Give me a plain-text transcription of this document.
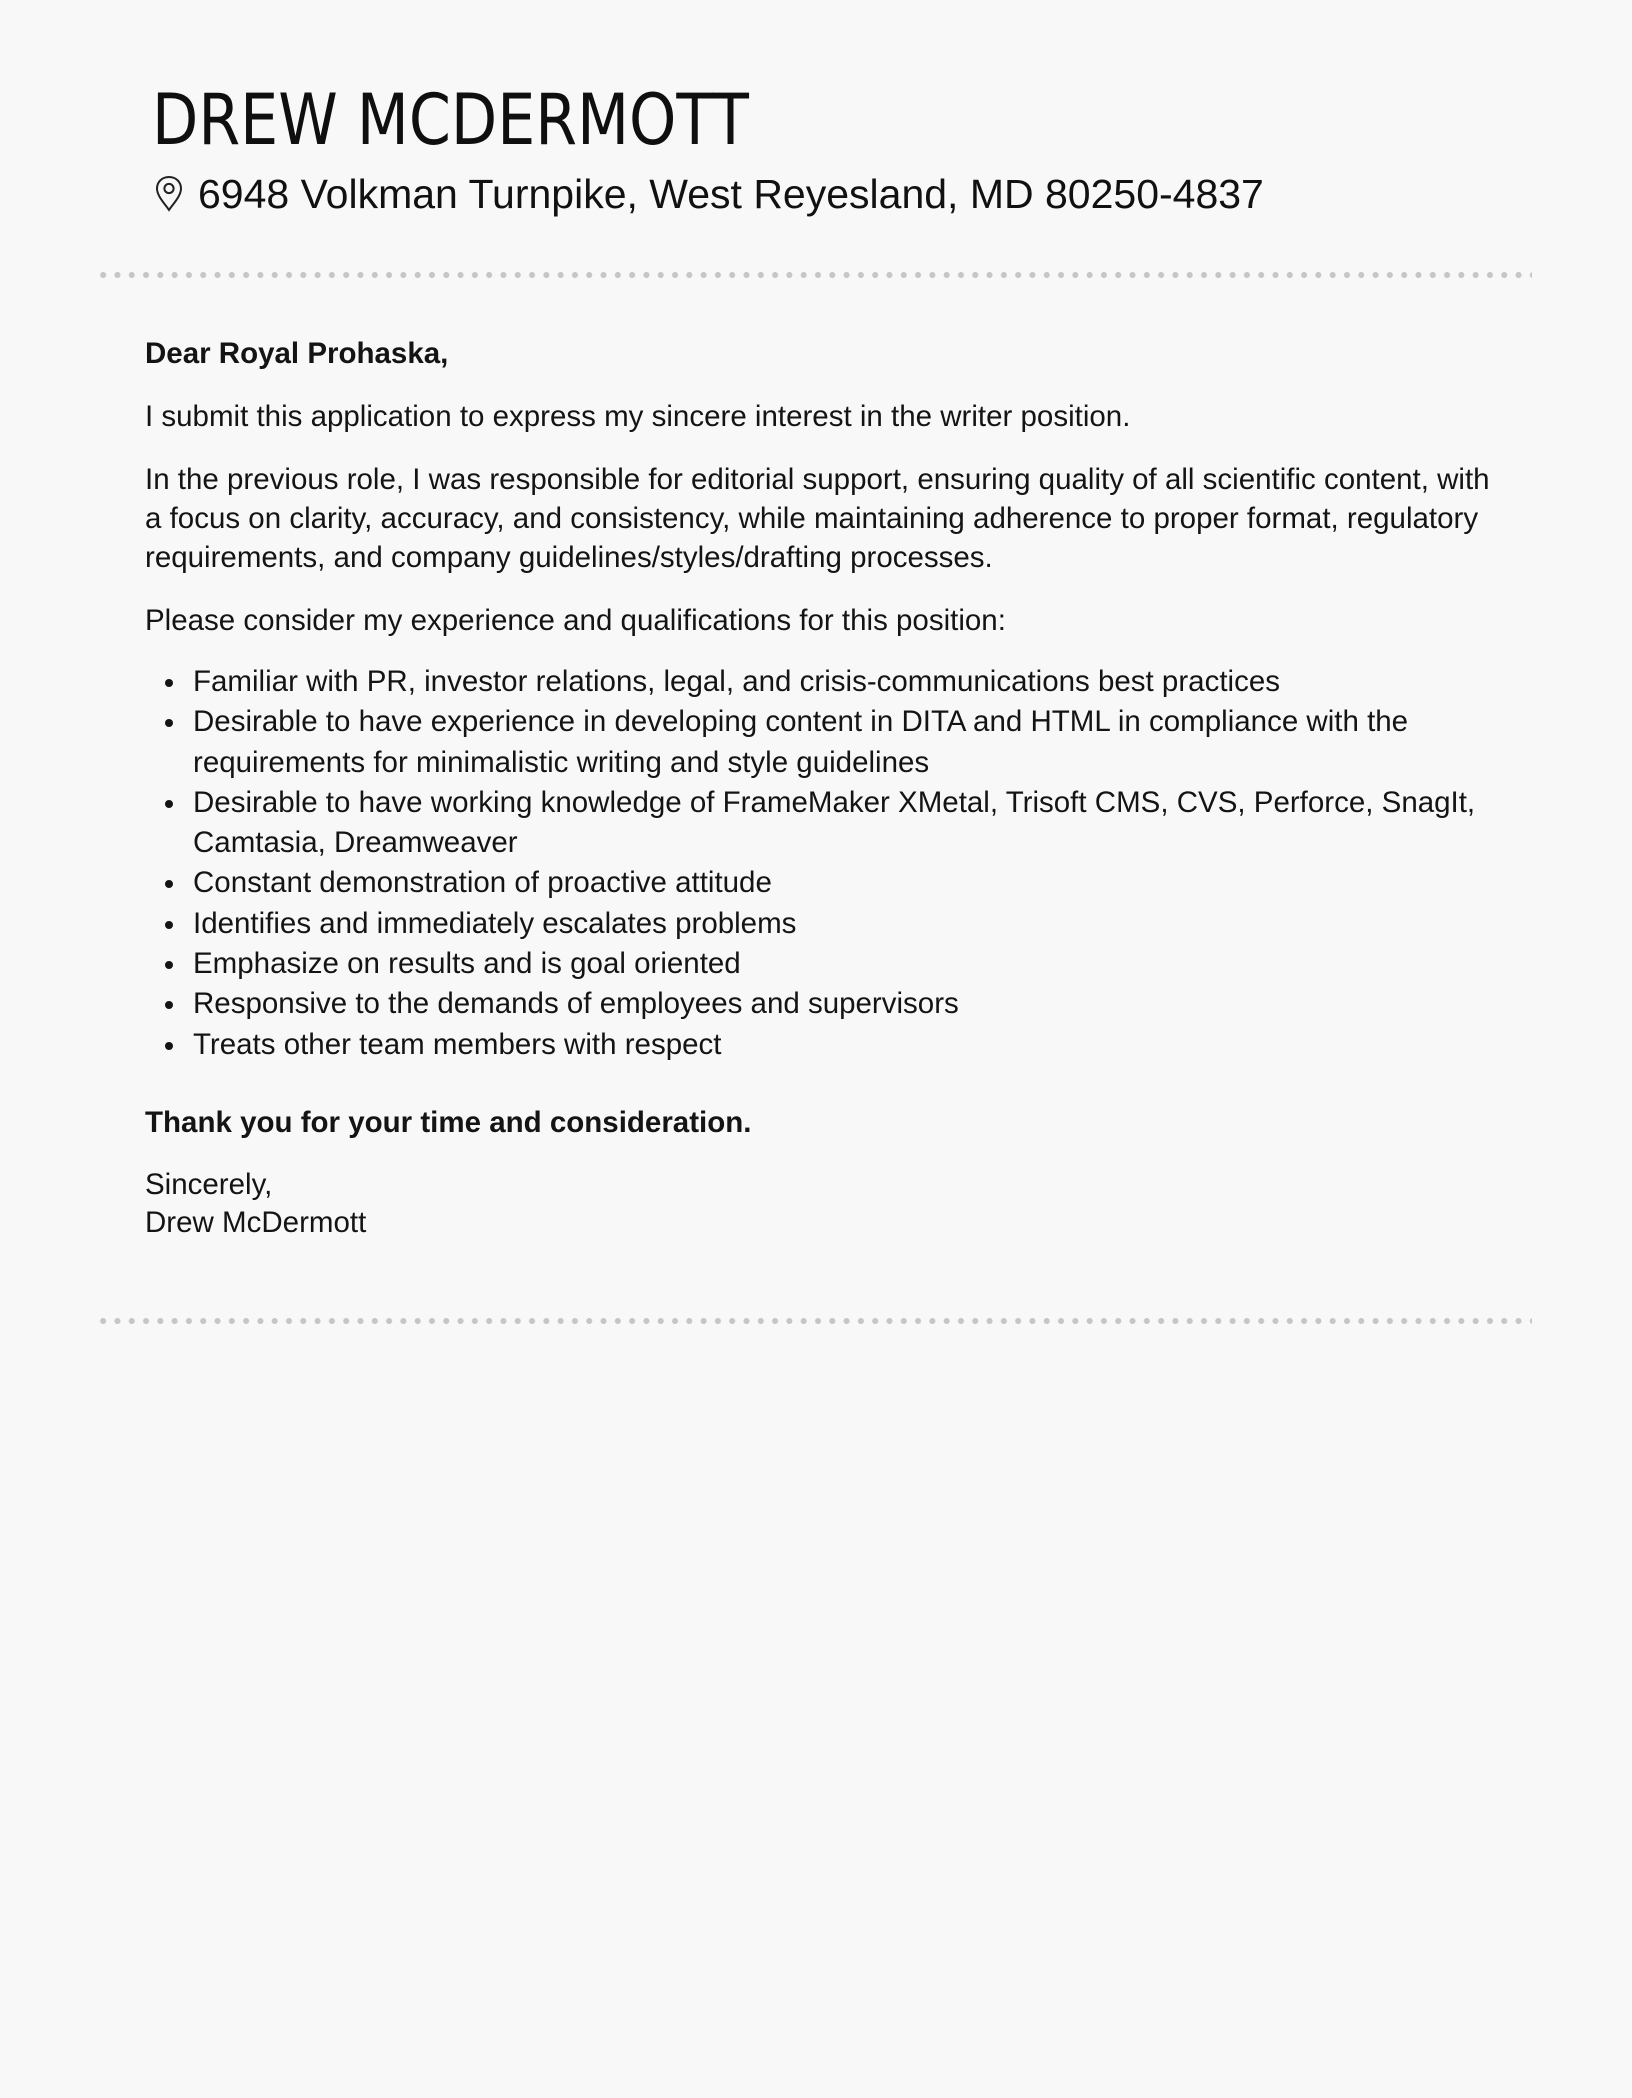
DREW MCDERMOTT
6948 Volkman Turnpike, West Reyesland, MD 80250-4837

Dear Royal Prohaska,

I submit this application to express my sincere interest in the writer position.

In the previous role, I was responsible for editorial support, ensuring quality of all scientific content, with a focus on clarity, accuracy, and consistency, while maintaining adherence to proper format, regulatory requirements, and company guidelines/styles/drafting processes.

Please consider my experience and qualifications for this position:

Familiar with PR, investor relations, legal, and crisis-communications best practices
Desirable to have experience in developing content in DITA and HTML in compliance with the requirements for minimalistic writing and style guidelines
Desirable to have working knowledge of FrameMaker XMetal, Trisoft CMS, CVS, Perforce, SnagIt, Camtasia, Dreamweaver
Constant demonstration of proactive attitude
Identifies and immediately escalates problems
Emphasize on results and is goal oriented
Responsive to the demands of employees and supervisors
Treats other team members with respect

Thank you for your time and consideration.

Sincerely,
Drew McDermott
